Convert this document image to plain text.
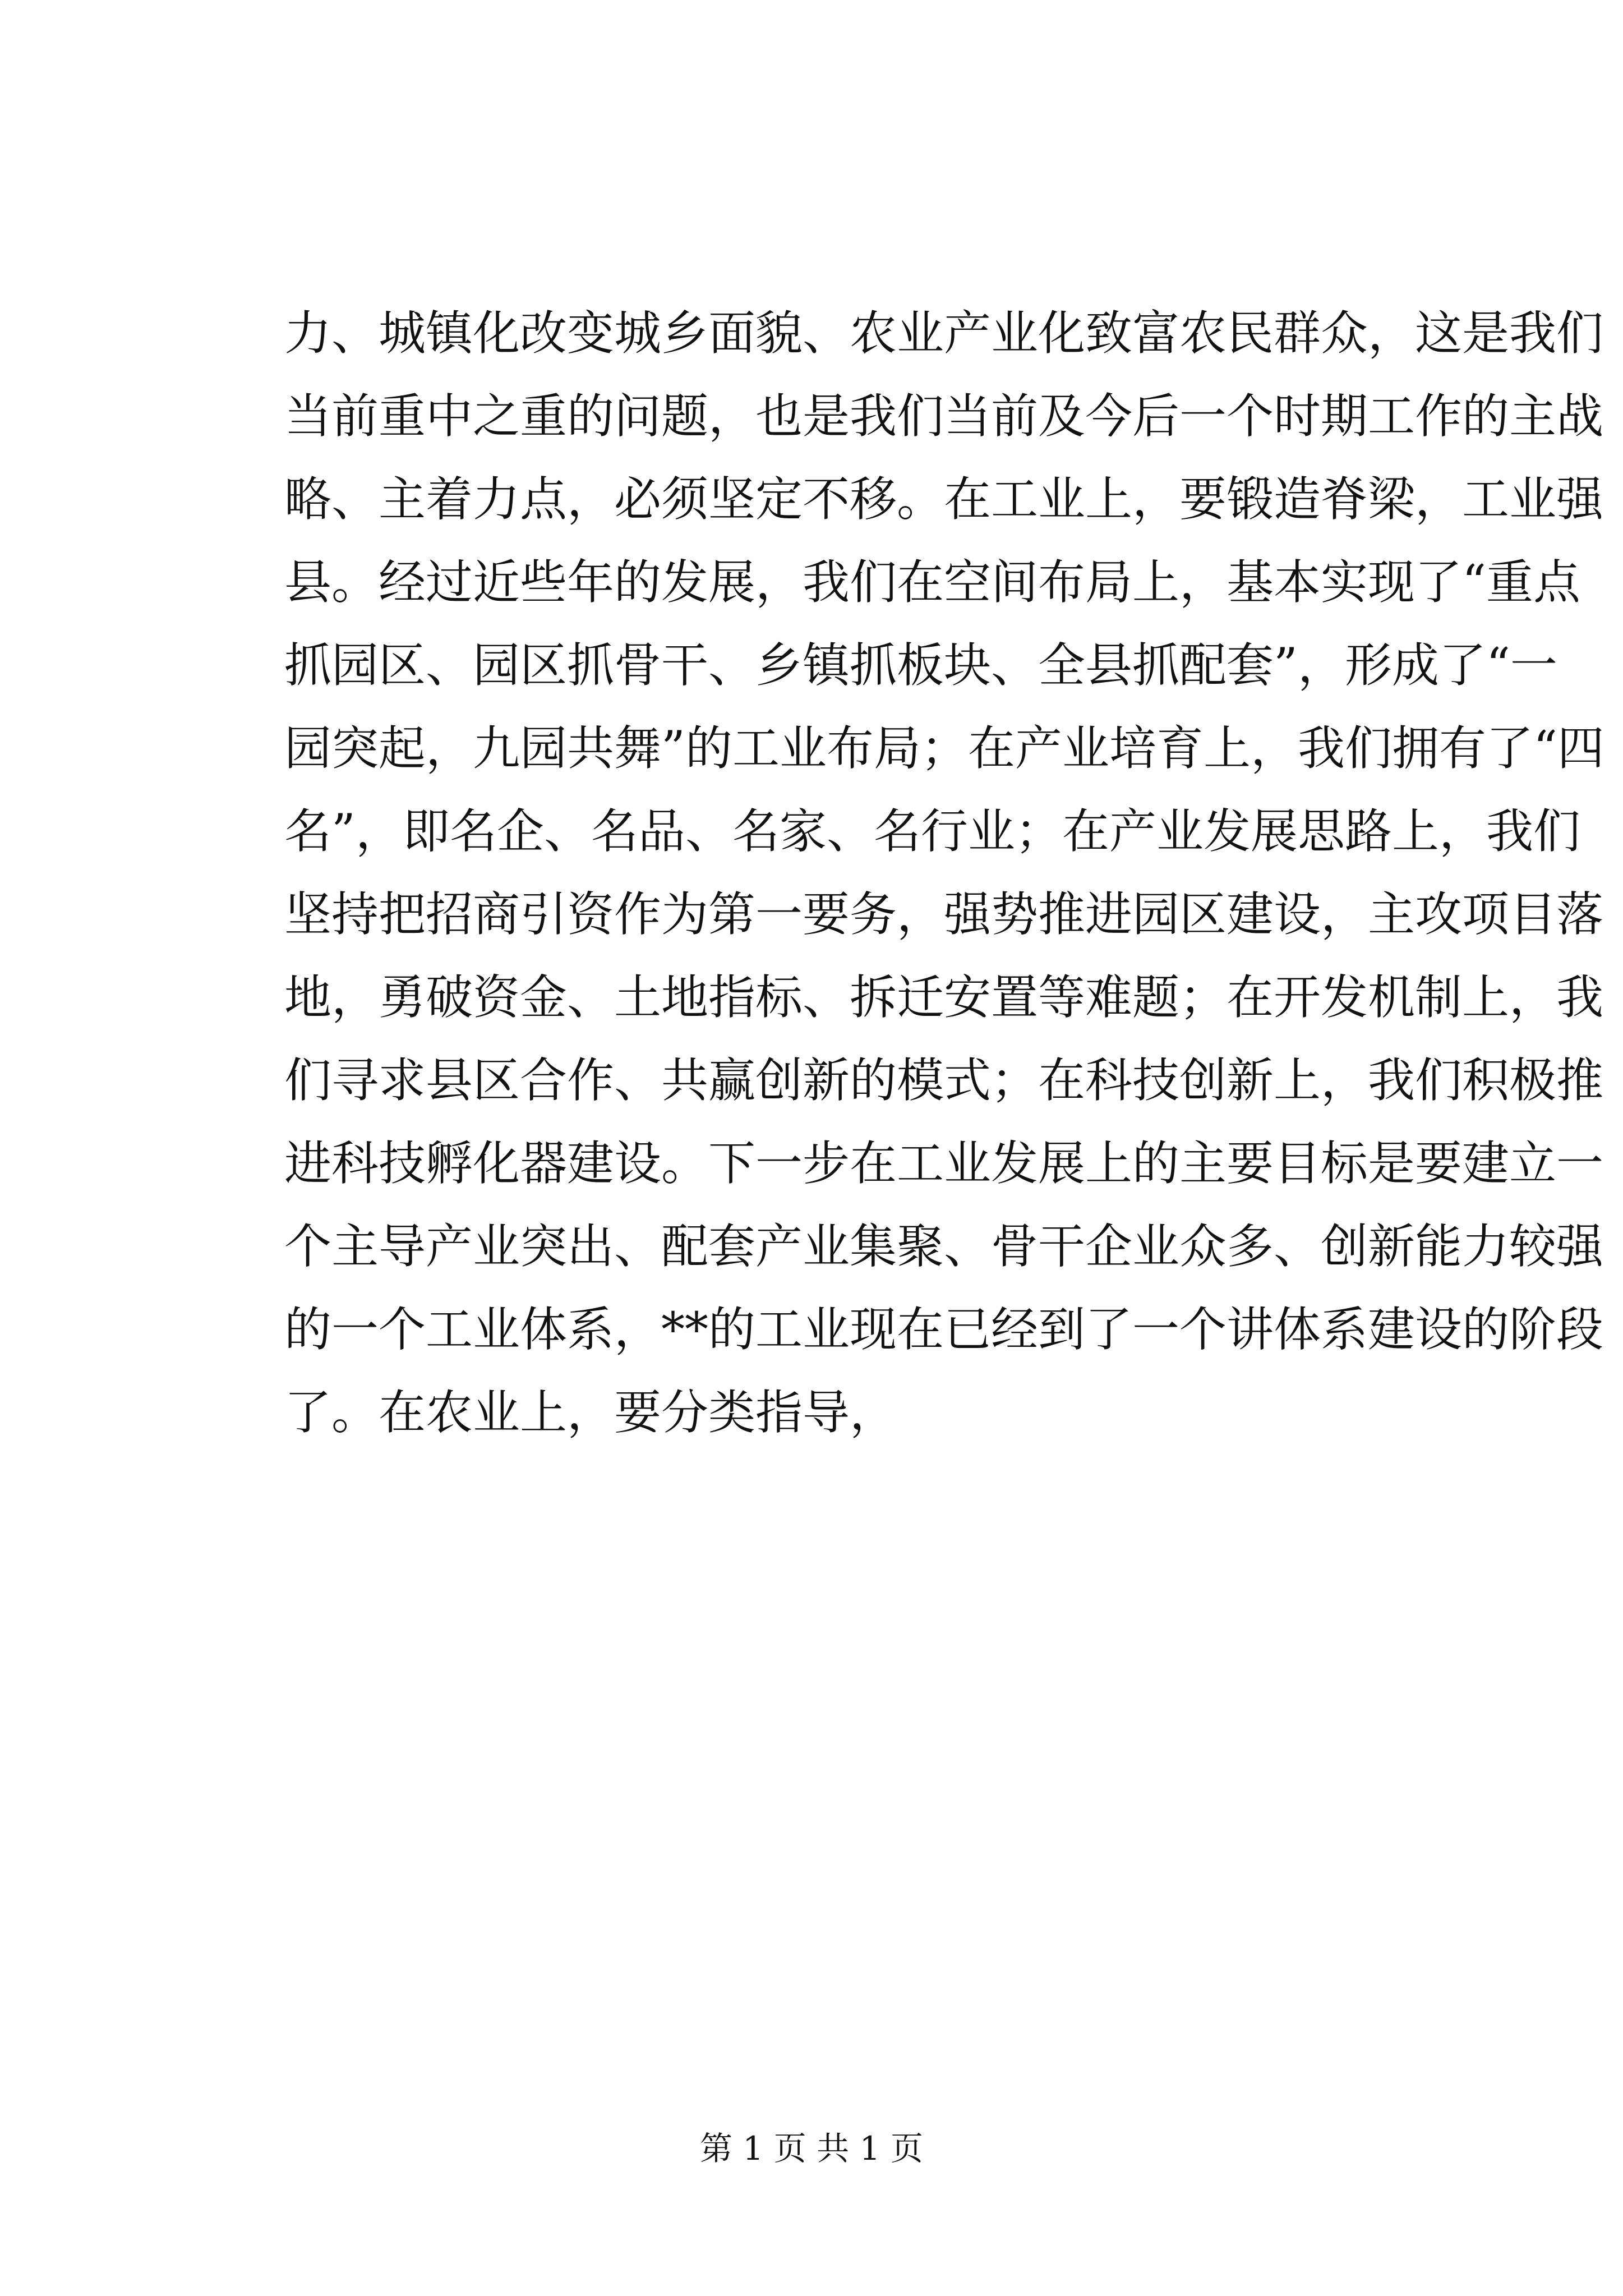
力、城镇化改变城乡面貌、农业产业化致富农民群众，这是我们
当前重中之重的问题，也是我们当前及今后一个时期工作的主战
略、主着力点，必须坚定不移。在工业上，要锻造脊梁，工业强
县。经过近些年的发展，我们在空间布局上，基本实现了“重点
抓园区、园区抓骨干、乡镇抓板块、全县抓配套”，形成了“一
园突起，九园共舞”的工业布局；在产业培育上，我们拥有了“四
名”，即名企、名品、名家、名行业；在产业发展思路上，我们
坚持把招商引资作为第一要务，强势推进园区建设，主攻项目落
地，勇破资金、土地指标、拆迁安置等难题；在开发机制上，我
们寻求县区合作、共赢创新的模式；在科技创新上，我们积极推
进科技孵化器建设。下一步在工业发展上的主要目标是要建立一
个主导产业突出、配套产业集聚、骨干企业众多、创新能力较强
的一个工业体系，**的工业现在已经到了一个讲体系建设的阶段
了。在农业上，要分类指导，
第 1 页 共 1 页
